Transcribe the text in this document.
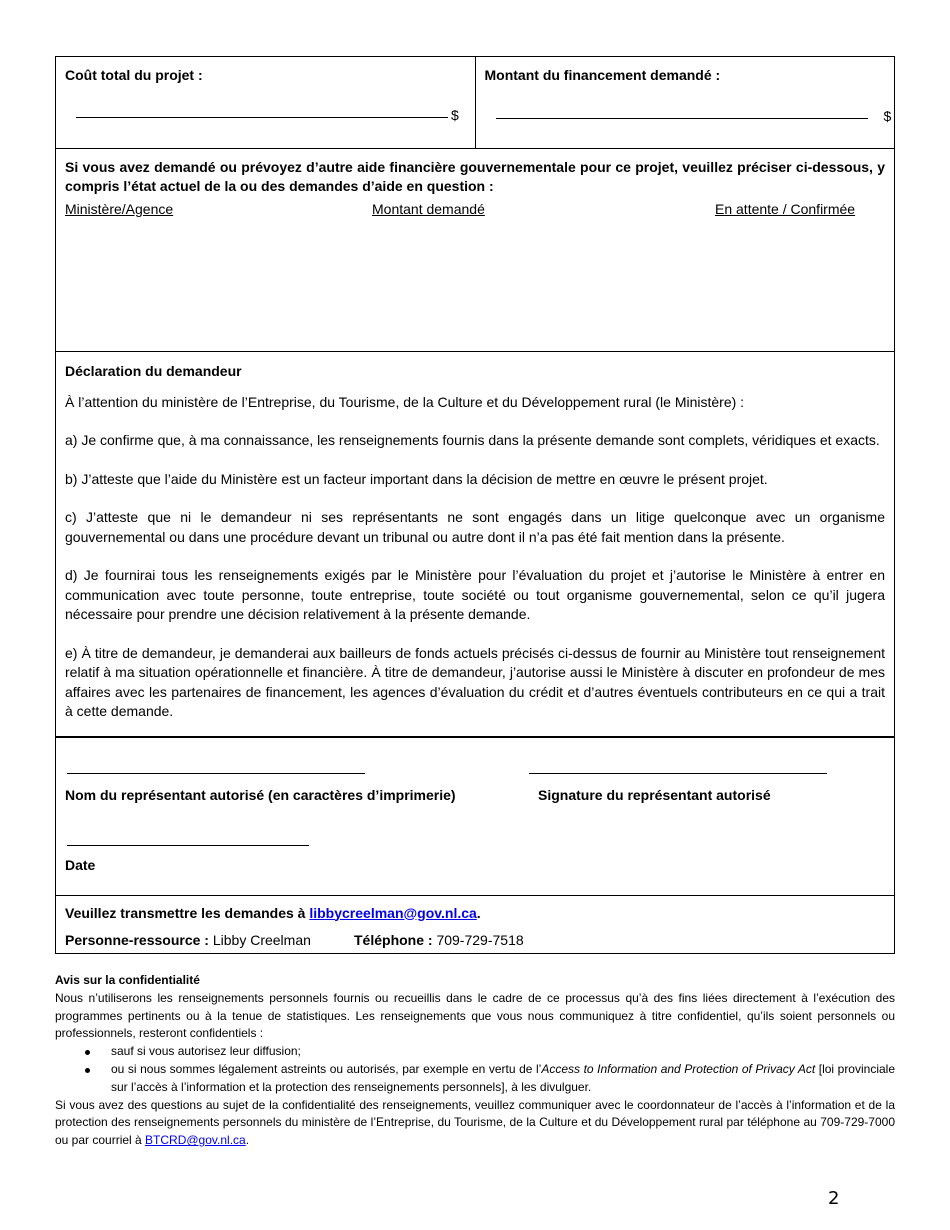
Coût total du projet :
$
Montant du financement demandé :
$
Si vous avez demandé ou prévoyez d’autre aide financière gouvernementale pour ce projet, veuillez préciser ci-dessous, y compris l’état actuel de la ou des demandes d’aide en question :
Ministère/Agence	Montant demandé	En attente / Confirmée

Déclaration du demandeur

À l’attention du ministère de l’Entreprise, du Tourisme, de la Culture et du Développement rural (le Ministère) :

a) Je confirme que, à ma connaissance, les renseignements fournis dans la présente demande sont complets, véridiques et exacts.

b) J’atteste que l’aide du Ministère est un facteur important dans la décision de mettre en œuvre le présent projet.

c) J’atteste que ni le demandeur ni ses représentants ne sont engagés dans un litige quelconque avec un organisme gouvernemental ou dans une procédure devant un tribunal ou autre dont il n’a pas été fait mention dans la présente.

d) Je fournirai tous les renseignements exigés par le Ministère pour l’évaluation du projet et j’autorise le Ministère à entrer en communication avec toute personne, toute entreprise, toute société ou tout organisme gouvernemental, selon ce qu’il jugera nécessaire pour prendre une décision relativement à la présente demande.

e) À titre de demandeur, je demanderai aux bailleurs de fonds actuels précisés ci-dessus de fournir au Ministère tout renseignement relatif à ma situation opérationnelle et financière. À titre de demandeur, j’autorise aussi le Ministère à discuter en profondeur de mes affaires avec les partenaires de financement, les agences d’évaluation du crédit et d’autres éventuels contributeurs en ce qui a trait à cette demande.

Nom du représentant autorisé (en caractères d’imprimerie)	Signature du représentant autorisé
Date
Veuillez transmettre les demandes à libbycreelman@gov.nl.ca.
Personne-ressource : Libby Creelman	Téléphone : 709-729-7518

Avis sur la confidentialité

Nous n’utiliserons les renseignements personnels fournis ou recueillis dans le cadre de ce processus qu’à des fins liées directement à l’exécution des programmes pertinents ou à la tenue de statistiques. Les renseignements que vous nous communiquez à titre confidentiel, qu’ils soient personnels ou professionnels, resteront confidentiels :

sauf si vous autorisez leur diffusion;
ou si nous sommes légalement astreints ou autorisés, par exemple en vertu de l’Access to Information and Protection of Privacy Act [loi provinciale sur l’accès à l’information et la protection des renseignements personnels], à les divulguer.

Si vous avez des questions au sujet de la confidentialité des renseignements, veuillez communiquer avec le coordonnateur de l’accès à l’information et de la protection des renseignements personnels du ministère de l’Entreprise, du Tourisme, de la Culture et du Développement rural par téléphone au 709-729-7000 ou par courriel à BTCRD@gov.nl.ca.

2
